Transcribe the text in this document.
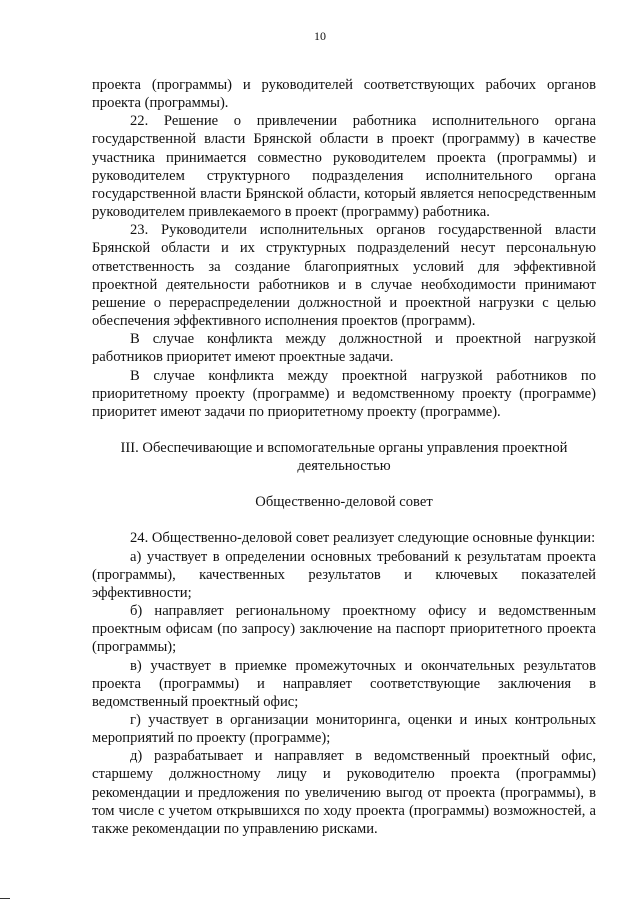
10

проекта (программы) и руководителей соответствующих рабочих органов проекта (программы).

22. Решение о привлечении работника исполнительного органа государственной власти Брянской области в проект (программу) в качестве участника принимается совместно руководителем проекта (программы) и руководителем структурного подразделения исполнительного органа государственной власти Брянской области, который является непосредственным руководителем привлекаемого в проект (программу) работника.

23. Руководители исполнительных органов государственной власти Брянской области и их структурных подразделений несут персональную ответственность за создание благоприятных условий для эффективной проектной деятельности работников и в случае необходимости принимают решение о перераспределении должностной и проектной нагрузки с целью обеспечения эффективного исполнения проектов (программ).

В случае конфликта между должностной и проектной нагрузкой работников приоритет имеют проектные задачи.

В случае конфликта между проектной нагрузкой работников по приоритетному проекту (программе) и ведомственному проекту (программе) приоритет имеют задачи по приоритетному проекту (программе).

III. Обеспечивающие и вспомогательные органы управления проектной деятельностью
Общественно-деловой совет

24. Общественно-деловой совет реализует следующие основные функции:

а) участвует в определении основных требований к результатам проекта (программы), качественных результатов и ключевых показателей эффективности;

б) направляет региональному проектному офису и ведомственным проектным офисам (по запросу) заключение на паспорт приоритетного проекта (программы);

в) участвует в приемке промежуточных и окончательных результатов проекта (программы) и направляет соответствующие заключения в ведомственный проектный офис;

г) участвует в организации мониторинга, оценки и иных контрольных мероприятий по проекту (программе);

д) разрабатывает и направляет в ведомственный проектный офис, старшему должностному лицу и руководителю проекта (программы) рекомендации и предложения по увеличению выгод от проекта (программы), в том числе с учетом открывшихся по ходу проекта (программы) возможностей, а также рекомендации по управлению рисками.
